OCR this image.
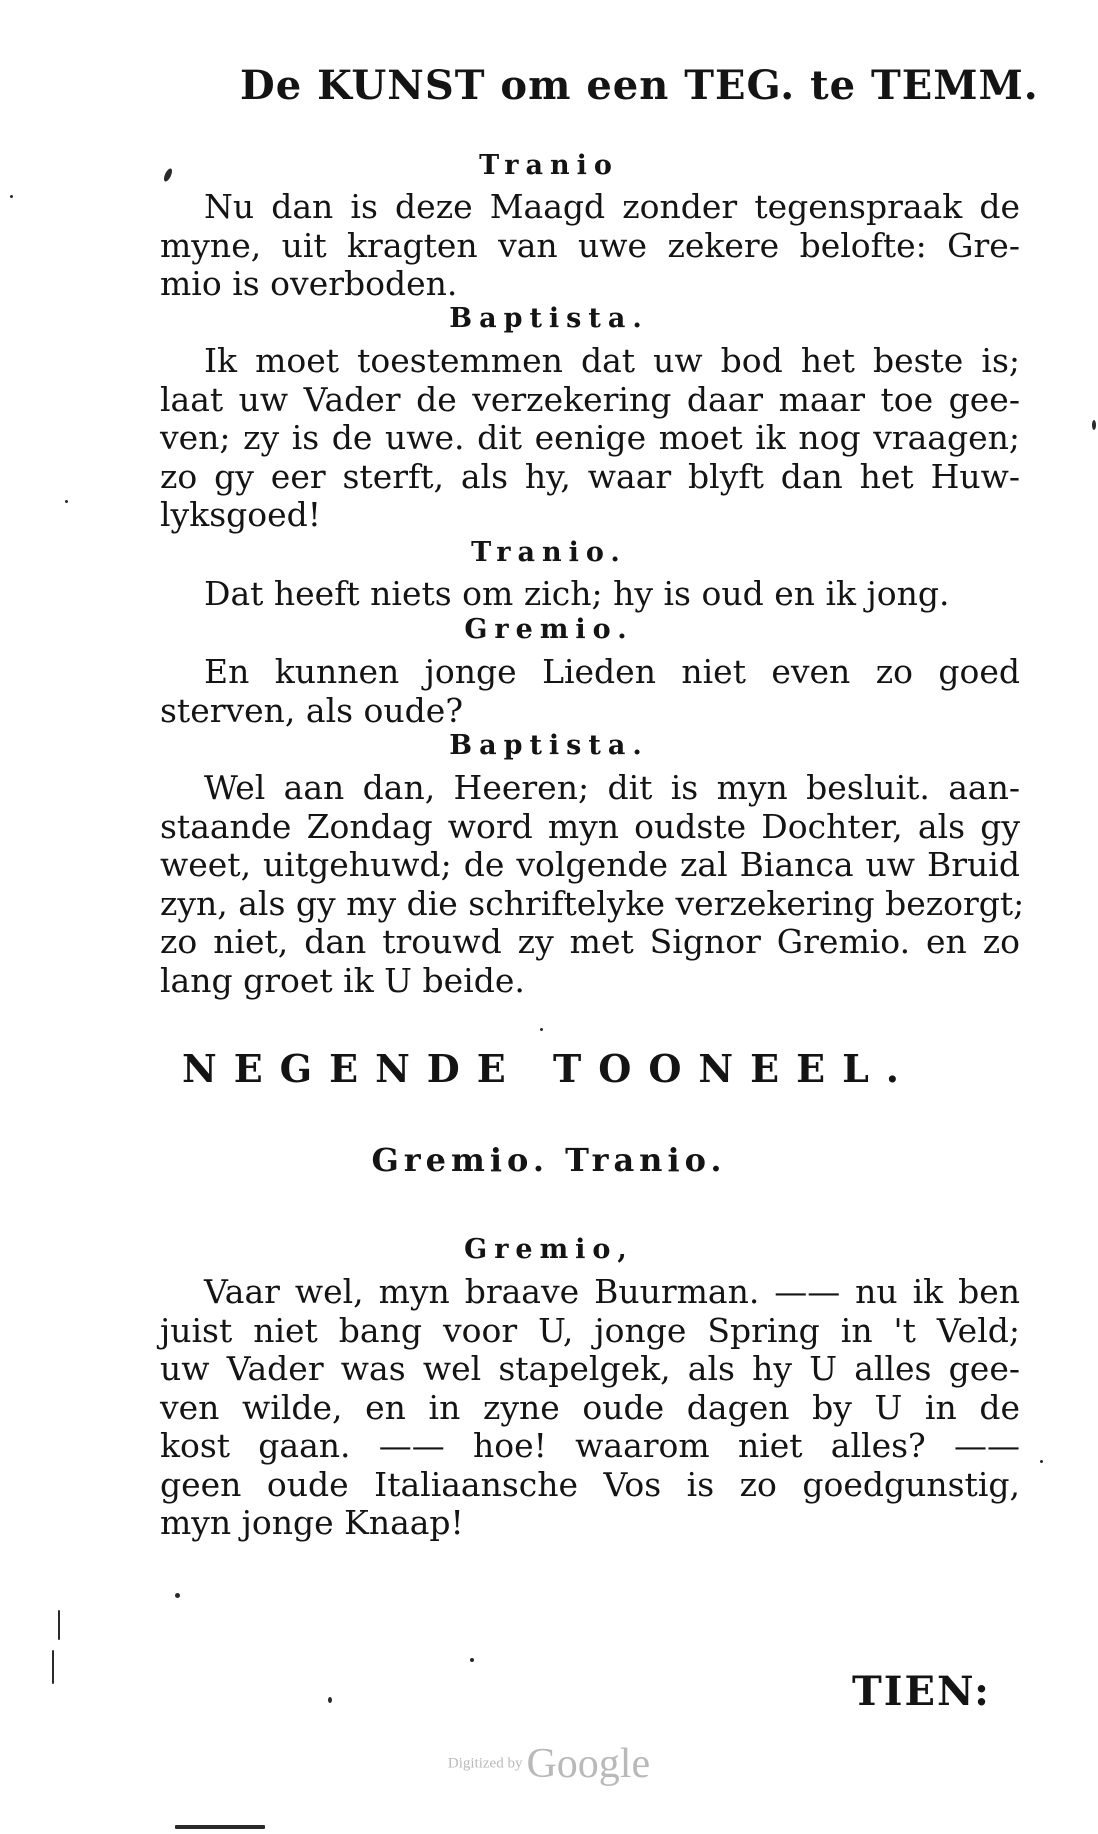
De KUNST om een TEG. te TEMM.
Tranio
Nu dan is deze Maagd zonder tegenspraak de
myne, uit kragten van uwe zekere belofte: Gre-
mio is overboden.
Baptista.
Ik moet toestemmen dat uw bod het beste is;
laat uw Vader de verzekering daar maar toe gee-
ven; zy is de uwe. dit eenige moet ik nog vraagen;
zo gy eer sterft, als hy, waar blyft dan het Huw-
lyksgoed!
Tranio.
Dat heeft niets om zich; hy is oud en ik jong.
Gremio.
En kunnen jonge Lieden niet even zo goed
sterven, als oude?
Baptista.
Wel aan dan, Heeren; dit is myn besluit. aan-
staande Zondag word myn oudste Dochter, als gy
weet, uitgehuwd; de volgende zal Bianca uw Bruid
zyn, als gy my die schriftelyke verzekering bezorgt;
zo niet, dan trouwd zy met Signor Gremio. en zo
lang groet ik U beide.
NEGENDE TOONEEL.
Gremio. Tranio.
Gremio,
Vaar wel, myn braave Buurman. —— nu ik ben
juist niet bang voor U, jonge Spring in 't Veld;
uw Vader was wel stapelgek, als hy U alles gee-
ven wilde, en in zyne oude dagen by U in de
kost gaan. —— hoe! waarom niet alles? ——
geen oude Italiaansche Vos is zo goedgunstig,
myn jonge Knaap!
TIEN:
Digitized by Google
